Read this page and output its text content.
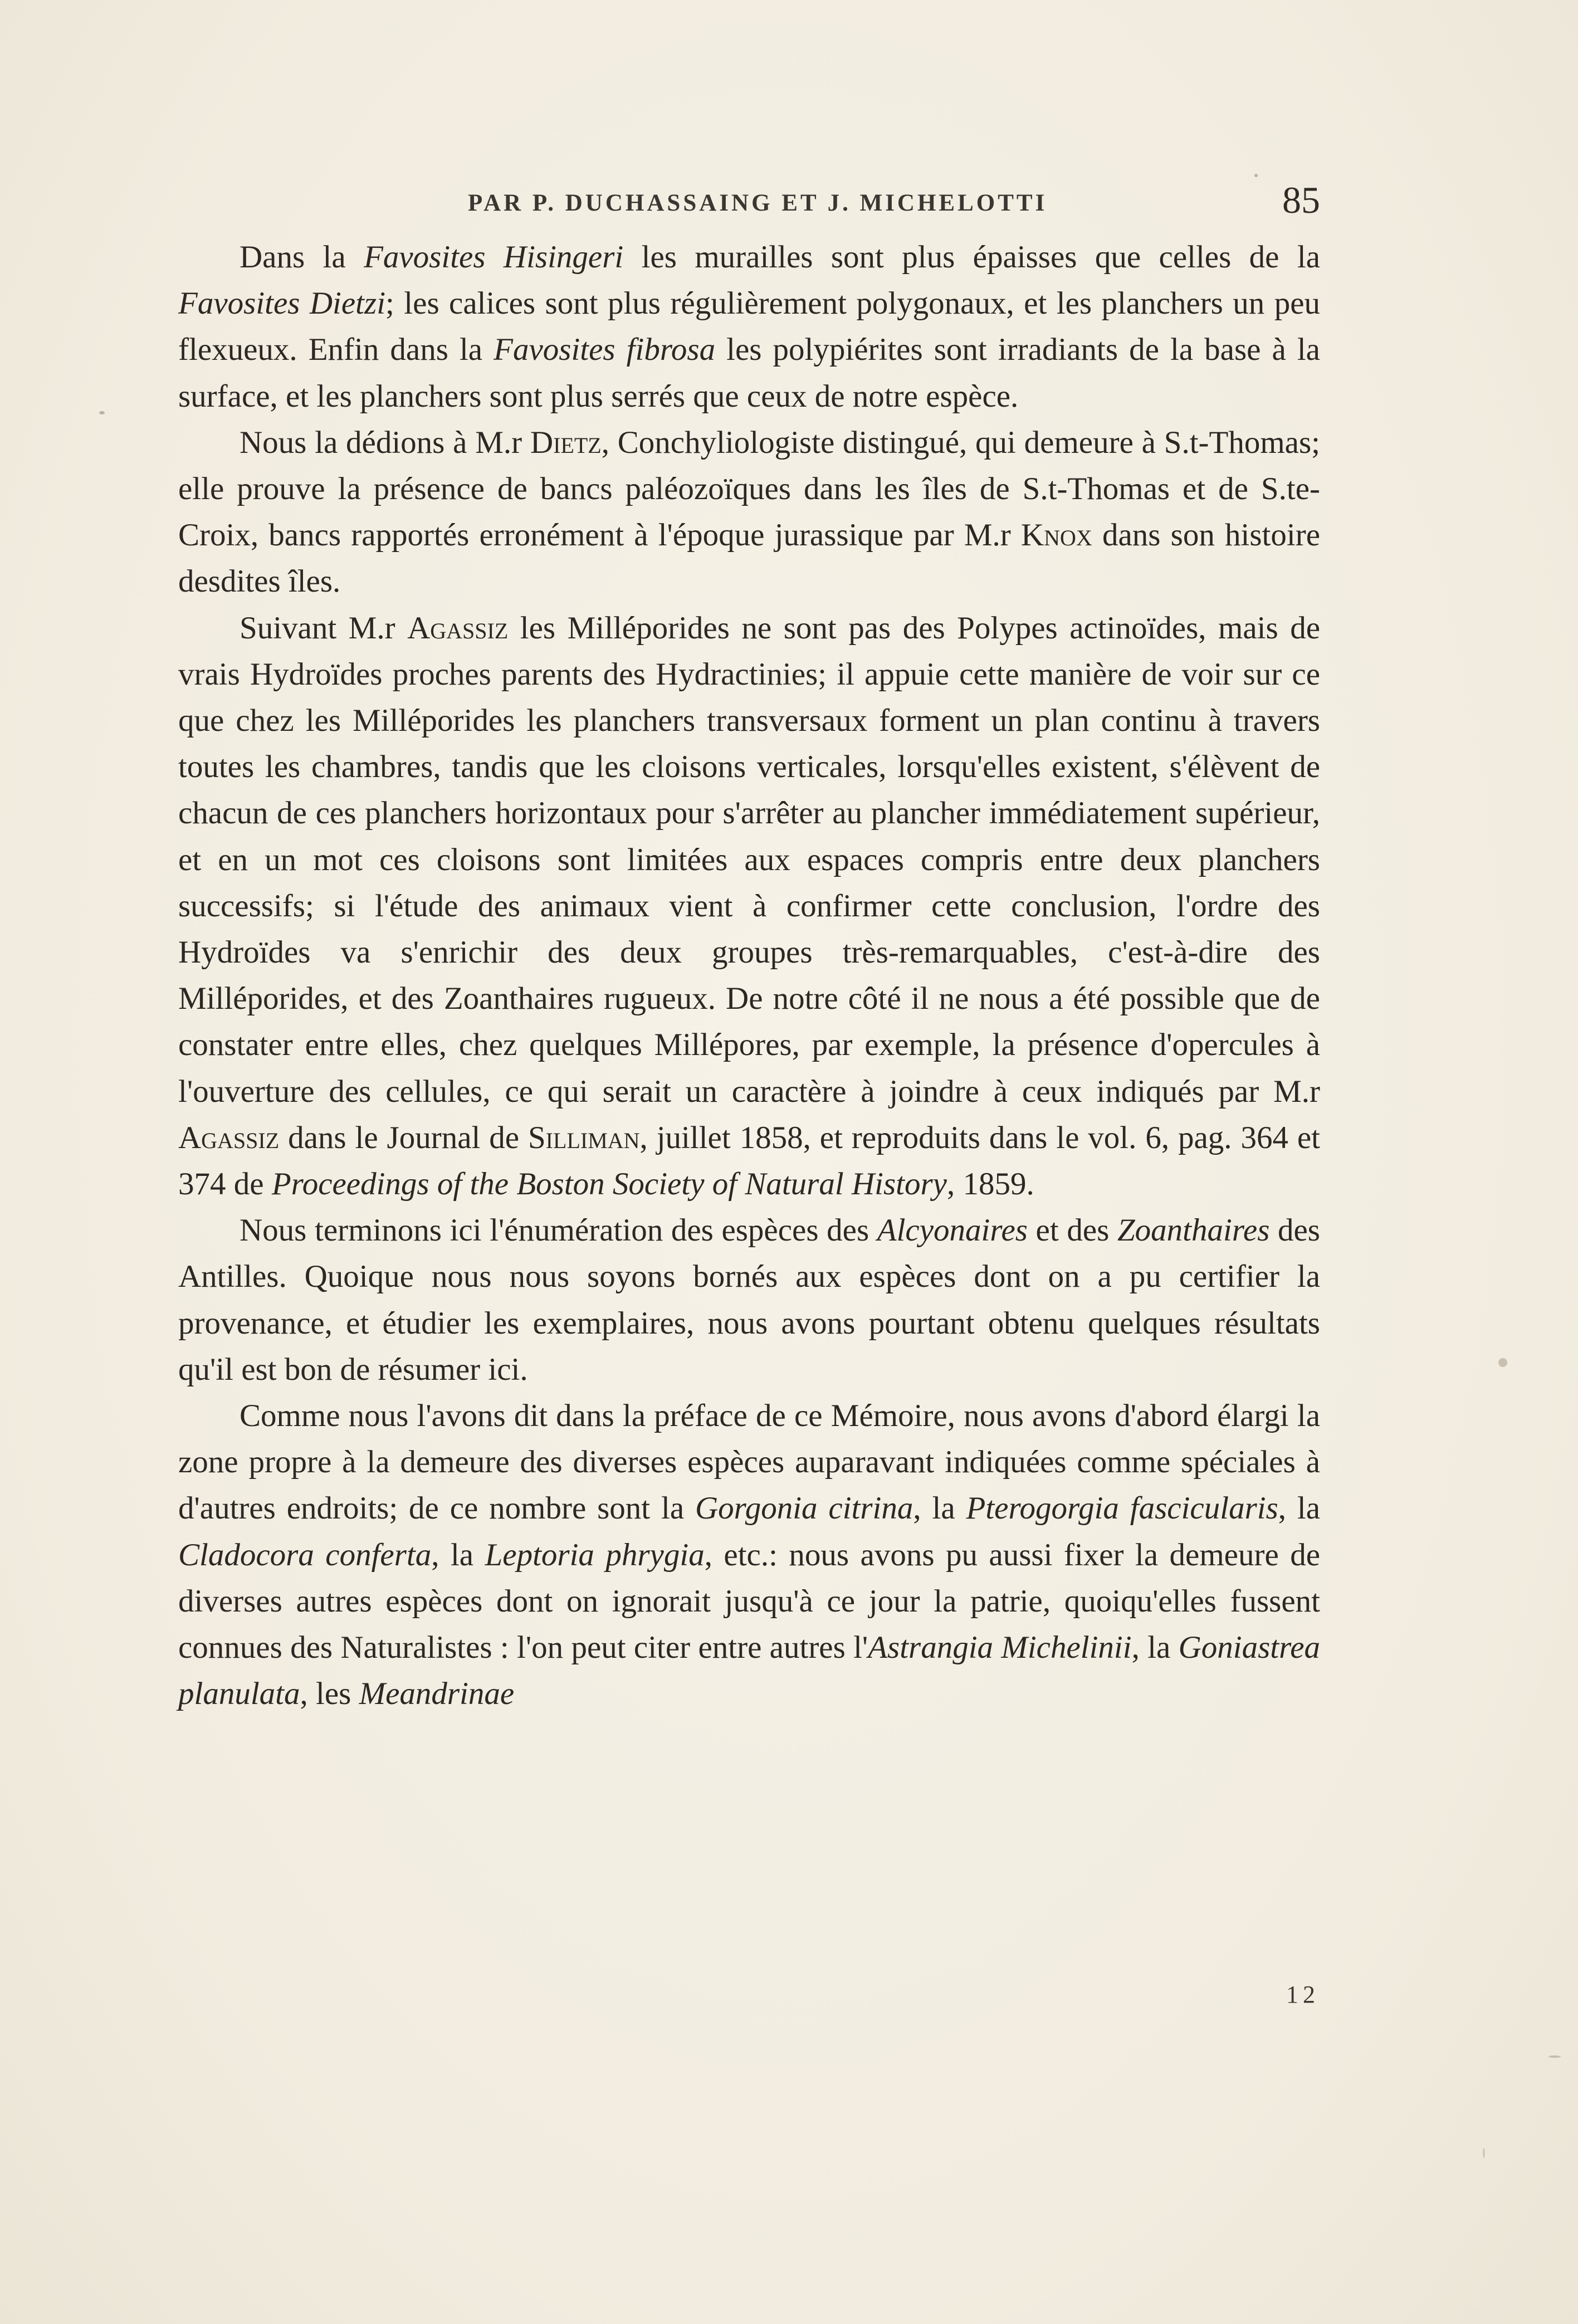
PAR P. DUCHASSAING ET J. MICHELOTTI	85

Dans la Favosites Hisingeri les murailles sont plus épaisses que celles de la Favosites Dietzi; les calices sont plus régulièrement polygonaux, et les planchers un peu flexueux. Enfin dans la Favosites fibrosa les polypiérites sont irradiants de la base à la surface, et les planchers sont plus serrés que ceux de notre espèce.

Nous la dédions à M.r Dietz, Conchyliologiste distingué, qui demeure à S.t-Thomas; elle prouve la présence de bancs paléozoïques dans les îles de S.t-Thomas et de S.te-Croix, bancs rapportés erronément à l'époque jurassique par M.r Knox dans son histoire desdites îles.

Suivant M.r Agassiz les Milléporides ne sont pas des Polypes actinoïdes, mais de vrais Hydroïdes proches parents des Hydractinies; il appuie cette manière de voir sur ce que chez les Milléporides les planchers transversaux forment un plan continu à travers toutes les chambres, tandis que les cloisons verticales, lorsqu'elles existent, s'élèvent de chacun de ces planchers horizontaux pour s'arrêter au plancher immédiatement supérieur, et en un mot ces cloisons sont limitées aux espaces compris entre deux planchers successifs; si l'étude des animaux vient à confirmer cette conclusion, l'ordre des Hydroïdes va s'enrichir des deux groupes très-remarquables, c'est-à-dire des Milléporides, et des Zoanthaires rugueux. De notre côté il ne nous a été possible que de constater entre elles, chez quelques Millépores, par exemple, la présence d'opercules à l'ouverture des cellules, ce qui serait un caractère à joindre à ceux indiqués par M.r Agassiz dans le Journal de Silliman, juillet 1858, et reproduits dans le vol. 6, pag. 364 et 374 de Proceedings of the Boston Society of Natural History, 1859.

Nous terminons ici l'énumération des espèces des Alcyonaires et des Zoanthaires des Antilles. Quoique nous nous soyons bornés aux espèces dont on a pu certifier la provenance, et étudier les exemplaires, nous avons pourtant obtenu quelques résultats qu'il est bon de résumer ici.

Comme nous l'avons dit dans la préface de ce Mémoire, nous avons d'abord élargi la zone propre à la demeure des diverses espèces auparavant indiquées comme spéciales à d'autres endroits; de ce nombre sont la Gorgonia citrina, la Pterogorgia fascicularis, la Cladocora conferta, la Leptoria phrygia, etc.: nous avons pu aussi fixer la demeure de diverses autres espèces dont on ignorait jusqu'à ce jour la patrie, quoiqu'elles fussent connues des Naturalistes : l'on peut citer entre autres l'Astrangia Michelinii, la Goniastrea planulata, les Meandrinae

12
